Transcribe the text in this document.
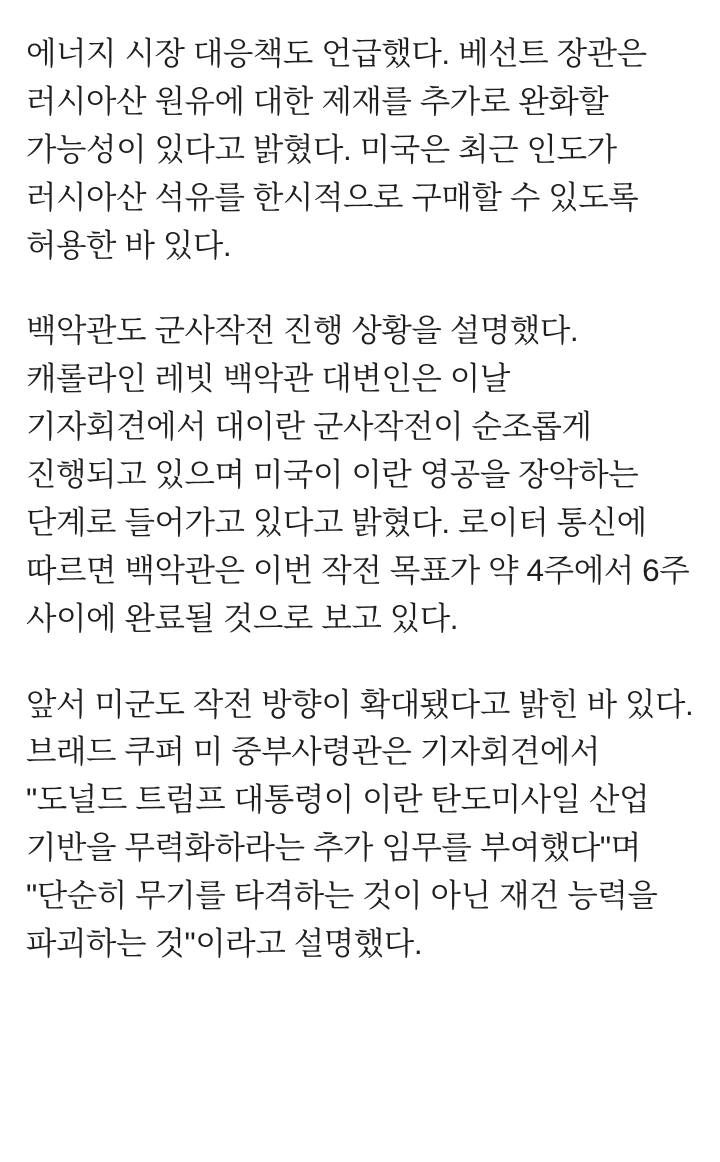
에너지 시장 대응책도 언급했다. 베선트 장관은 러시아산 원유에 대한 제재를 추가로 완화할 가능성이 있다고 밝혔다. 미국은 최근 인도가 러시아산 석유를 한시적으로 구매할 수 있도록 허용한 바 있다.

백악관도 군사작전 진행 상황을 설명했다. 캐롤라인 레빗 백악관 대변인은 이날 기자회견에서 대이란 군사작전이 순조롭게 진행되고 있으며 미국이 이란 영공을 장악하는 단계로 들어가고 있다고 밝혔다. 로이터 통신에 따르면 백악관은 이번 작전 목표가 약 4주에서 6주 사이에 완료될 것으로 보고 있다.

앞서 미군도 작전 방향이 확대됐다고 밝힌 바 있다. 브래드 쿠퍼 미 중부사령관은 기자회견에서 "도널드 트럼프 대통령이 이란 탄도미사일 산업 기반을 무력화하라는 추가 임무를 부여했다"며 "단순히 무기를 타격하는 것이 아닌 재건 능력을 파괴하는 것"이라고 설명했다.
